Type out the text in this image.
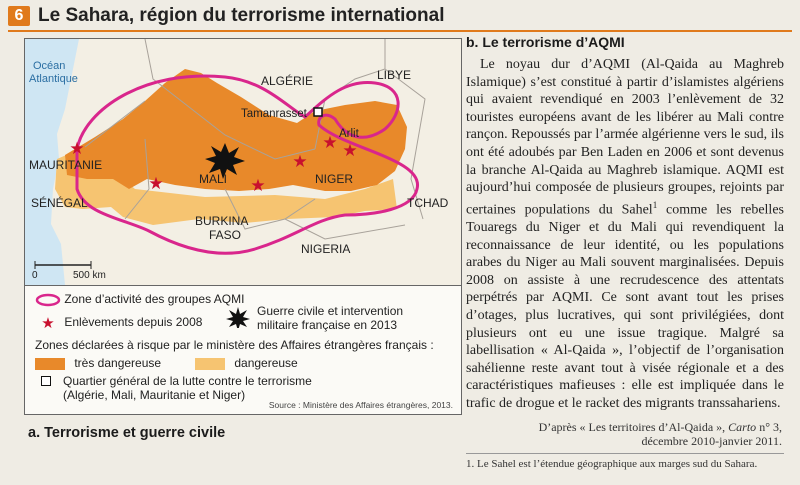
6 Le Sahara, région du terrorisme international
★
★	★
★
★ ★
Océan
Atlantique	ALGÉRIE	LIBYE
Tamanrasset
Arlit
MAURITANIE
MALI	NIGER
SÉNÉGAL	TCHAD
BURKINA
FASO
NIGERIA
0	500 km
Zone d’activité des groupes AQMI
★ Enlèvements depuis 2008
Guerre civile et intervention
militaire française en 2013
Zones déclarées à risque par le ministère des Affaires étrangères français :
très dangereuse	dangereuse
Quartier général de la lutte contre le terrorisme
(Algérie, Mali, Mauritanie et Niger)
Source : Ministère des Affaires étrangères, 2013.
a. Terrorisme et guerre civile
b. Le terrorisme d’AQMI
Le noyau dur d’AQMI (Al-Qaida au Maghreb Islamique) s’est constitué à partir d’islamistes algériens qui avaient revendiqué en 2003 l’enlèvement de 32 touristes européens avant de les libérer au Mali contre rançon. Repoussés par l’armée algérienne vers le sud, ils ont été adoubés par Ben Laden en 2006 et sont devenus la branche Al-Qaida au Maghreb islamique. AQMI est aujourd’hui composée de plusieurs groupes, rejoints par certaines populations du Sahel$^1$ comme les rebelles Touaregs du Niger et du Mali qui revendiquent la reconnaissance de leur identité, ou les populations arabes du Niger au Mali souvent marginalisées. Depuis 2008 on assiste à une recrudescence des attentats perpétrés par AQMI. Ce sont avant tout les prises d’otages, plus lucratives, qui sont privilégiées, dont plusieurs ont eu une issue tragique. Malgré sa labellisation « Al-Qaida », l’objectif de l’organisation sahélienne reste avant tout à visée régionale et a des caractéristiques mafieuses : elle est impliquée dans le trafic de drogue et le racket des migrants transsahariens.
D’après « Les territoires d’Al-Qaida », Carto n° 3,
décembre 2010-janvier 2011.
1. Le Sahel est l’étendue géographique aux marges sud du Sahara.
